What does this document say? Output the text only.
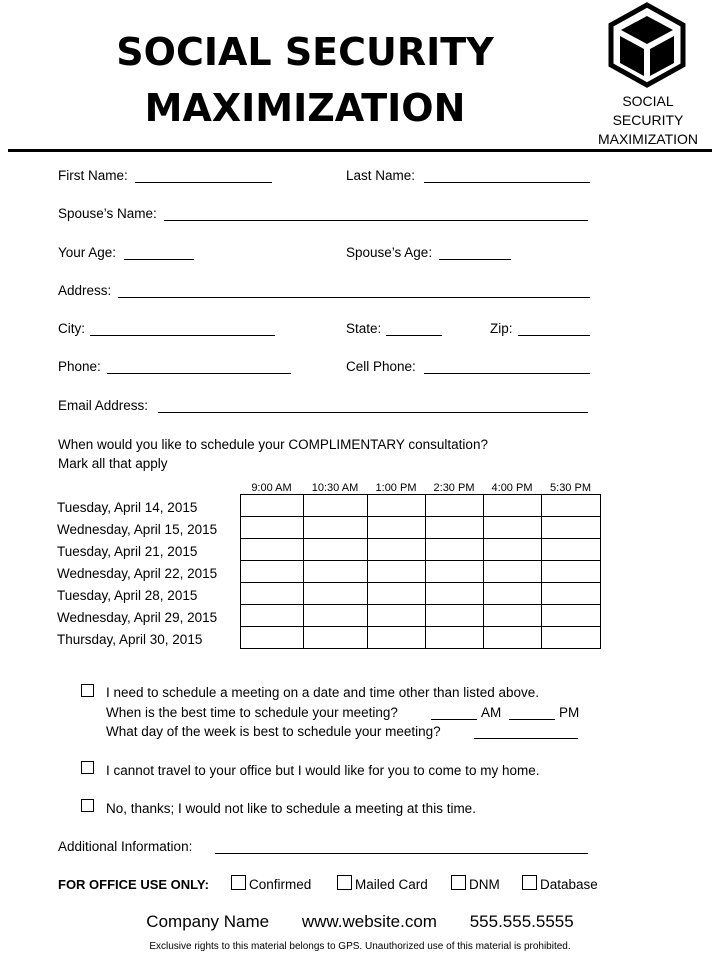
SOCIAL SECURITY
MAXIMIZATION	SOCIAL
SECURITY
MAXIMIZATION
First Name:	Last Name:
Spouse’s Name:
Your Age:	Spouse’s Age:
Address:
City:	State:	Zip:
Phone:	Cell Phone:
Email Address:
When would you like to schedule your COMPLIMENTARY consultation?
Mark all that apply
9:00 AM	10:30 AM	1:00 PM	2:30 PM	4:00 PM	5:30 PM
Tuesday, April 14, 2015
Wednesday, April 15, 2015
Tuesday, April 21, 2015
Wednesday, April 22, 2015
Tuesday, April 28, 2015
Wednesday, April 29, 2015
Thursday, April 30, 2015

I need to schedule a meeting on a date and time other than listed above.
When is the best time to schedule your meeting?	AM	PM
What day of the week is best to schedule your meeting?
I cannot travel to your office but I would like for you to come to my home.
No, thanks; I would not like to schedule a meeting at this time.
Additional Information:
FOR OFFICE USE ONLY:	Confirmed	Mailed Card	DNM	Database
Company Name www.website.com 555.555.5555
Exclusive rights to this material belongs to GPS. Unauthorized use of this material is prohibited.
